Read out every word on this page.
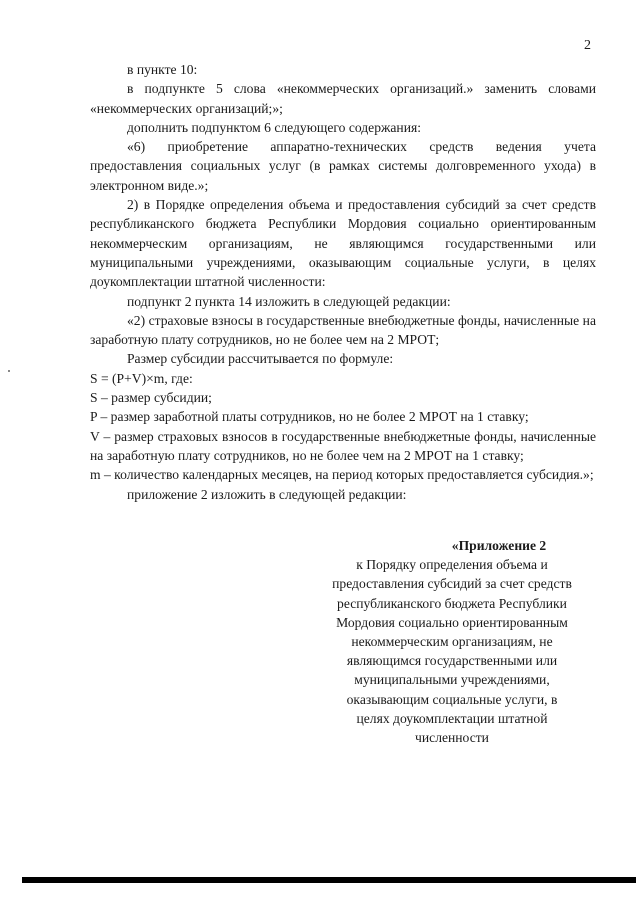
2

в пункте 10:

в подпункте 5 слова «некоммерческих организаций.» заменить словами «некоммерческих организаций;»;

дополнить подпунктом 6 следующего содержания:

«6) приобретение аппаратно-технических средств ведения учета предоставления социальных услуг (в рамках системы долговременного ухода) в электронном виде.»;

2) в Порядке определения объема и предоставления субсидий за счет средств республиканского бюджета Республики Мордовия социально ориентированным некоммерческим организациям, не являющимся государственными или муниципальными учреждениями, оказывающим социальные услуги, в целях доукомплектации штатной численности:

подпункт 2 пункта 14 изложить в следующей редакции:

«2) страховые взносы в государственные внебюджетные фонды, начисленные на заработную плату сотрудников, но не более чем на 2 МРОТ;

Размер субсидии рассчитывается по формуле:

S = (P+V)×m, где:

S – размер субсидии;

P – размер заработной платы сотрудников, но не более 2 МРОТ на 1 ставку;

V – размер страховых взносов в государственные внебюджетные фонды, начисленные на заработную плату сотрудников, но не более чем на 2 МРОТ на 1 ставку;

m – количество календарных месяцев, на период которых предоставляется субсидия.»;

приложение 2 изложить в следующей редакции:

«Приложение 2
к Порядку определения объема и
предоставления субсидий за счет средств
республиканского бюджета Республики
Мордовия социально ориентированным
некоммерческим организациям, не
являющимся государственными или
муниципальными учреждениями,
оказывающим социальные услуги, в
целях доукомплектации штатной
численности
